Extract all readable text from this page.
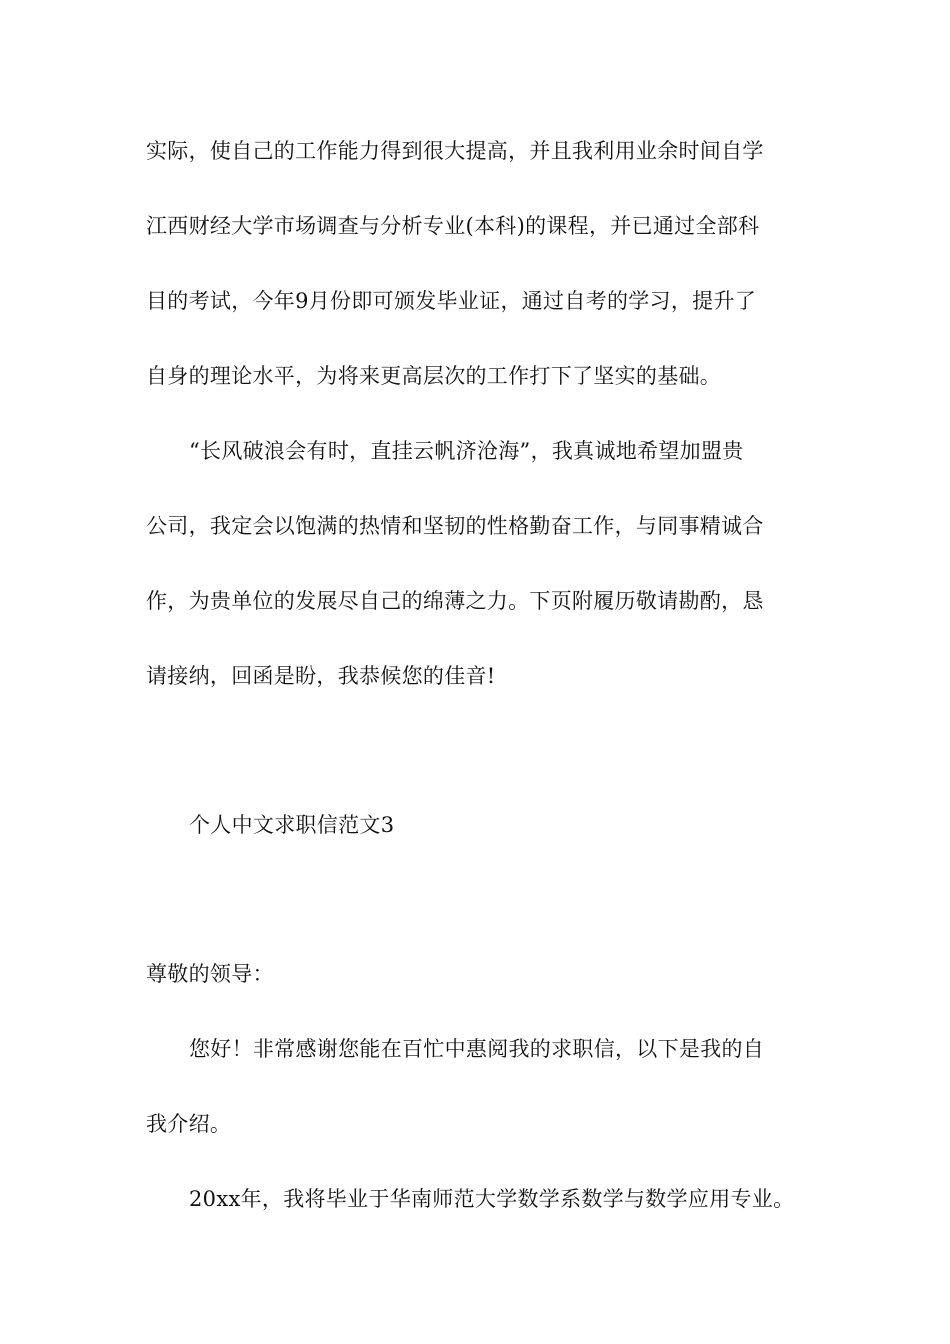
实际，使自己的工作能力得到很大提高，并且我利用业余时间自学
江西财经大学市场调查与分析专业(本科)的课程，并已通过全部科
目的考试，今年9月份即可颁发毕业证，通过自考的学习，提升了
自身的理论水平，为将来更高层次的工作打下了坚实的基础。
“长风破浪会有时，直挂云帆济沧海”，我真诚地希望加盟贵
公司，我定会以饱满的热情和坚韧的性格勤奋工作，与同事精诚合
作，为贵单位的发展尽自己的绵薄之力。下页附履历敬请勘酌，恳
请接纳，回函是盼，我恭候您的佳音!
个人中文求职信范文3
尊敬的领导：
您好！非常感谢您能在百忙中惠阅我的求职信，以下是我的自
我介绍。
20xx年，我将毕业于华南师范大学数学系数学与数学应用专业。
